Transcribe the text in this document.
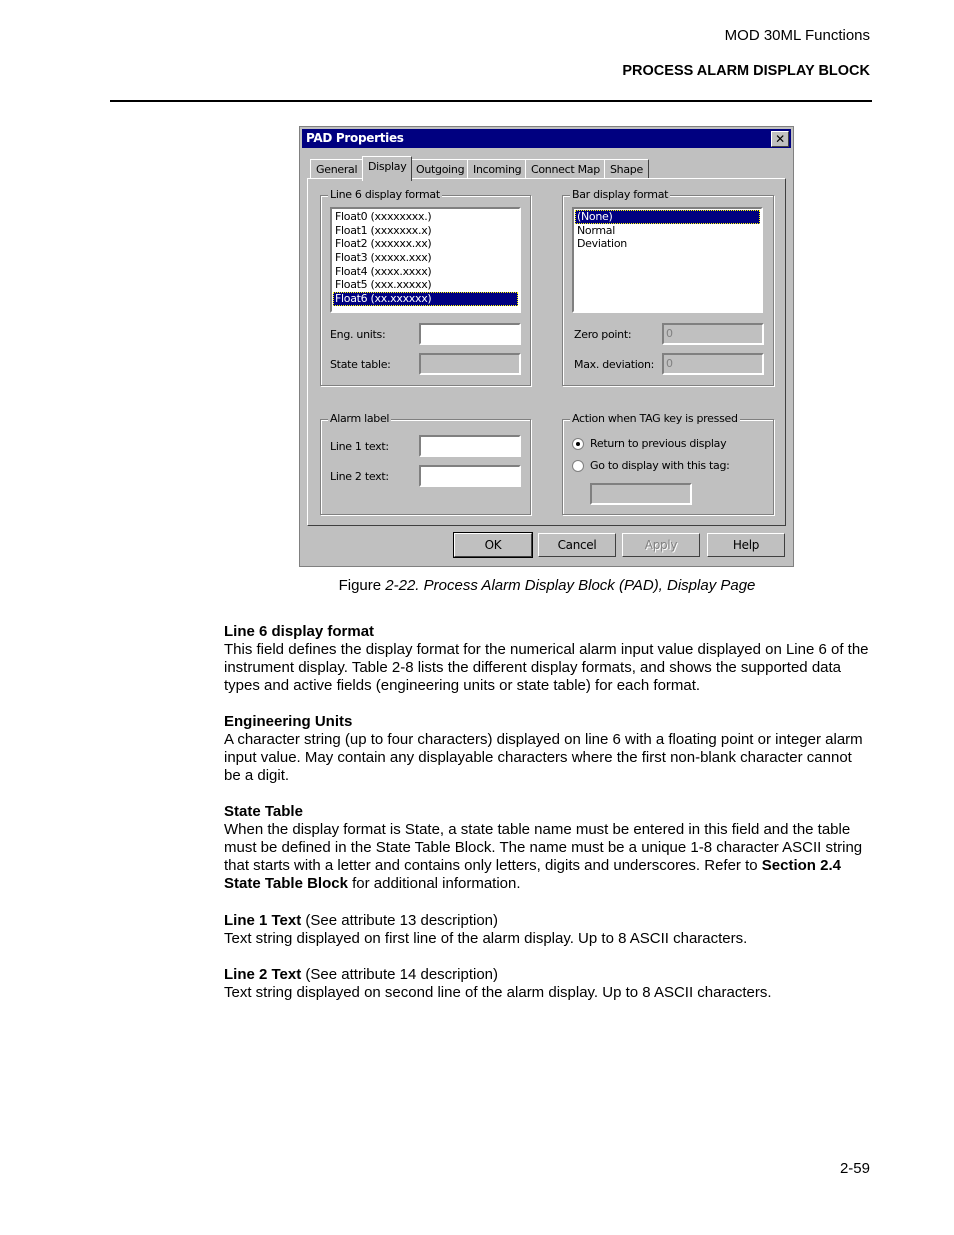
MOD 30ML Functions
PROCESS ALARM DISPLAY BLOCK
PAD Properties	✕
General Display Outgoing Incoming Connect Map Shape
Line 6 display format
Float0 (xxxxxxxx.)
Float1 (xxxxxxx.x)
Float2 (xxxxxx.xx)
Float3 (xxxxx.xxx)
Float4 (xxxx.xxxx)
Float5 (xxx.xxxxx)
Float6 (xx.xxxxxx)
Eng. units:
State table:
Bar display format
(None)
Normal
Deviation
Zero point:	0
Max. deviation:	0
Alarm label
Line 1 text:
Line 2 text:
Action when TAG key is pressed
Return to previous display
Go to display with this tag:
OK	Cancel	Apply	Help
Figure 2-22. Process Alarm Display Block (PAD), Display Page
Line 6 display format
This field defines the display format for the numerical alarm input value displayed on Line 6 of the instrument display. Table 2-8 lists the different display formats, and shows the supported data types and active fields (engineering units or state table) for each format.
Engineering Units
A character string (up to four characters) displayed on line 6 with a floating point or integer alarm input value. May contain any displayable characters where the first non-blank character cannot be a digit.
State Table
When the display format is State, a state table name must be entered in this field and the table must be defined in the State Table Block. The name must be a unique 1-8 character ASCII string that starts with a letter and contains only letters, digits and underscores. Refer to Section 2.4 State Table Block for additional information.
Line 1 Text (See attribute 13 description)
Text string displayed on first line of the alarm display. Up to 8 ASCII characters.
Line 2 Text (See attribute 14 description)
Text string displayed on second line of the alarm display. Up to 8 ASCII characters.
2-59
